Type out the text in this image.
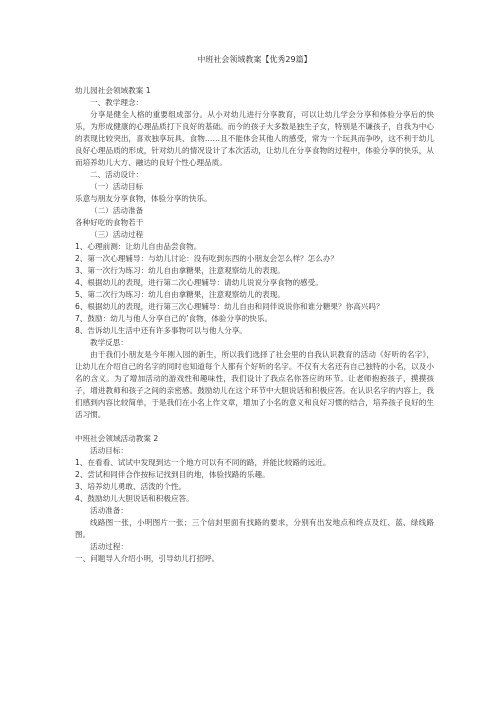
中班社会领域教案【优秀29篇】

幼儿园社会领域教案 1

一、教学理念：

分享是健全人格的重要组成部分。从小对幼儿进行分享教育，可以让幼儿学会分享和体验分享后的快乐，为形成健康的心理品质打下良好的基础。而今的孩子大多数是独生子女，特别是不谦孩子，自我为中心的表现比较突出，喜欢独享玩具、食物……且不能体会其他人的感受，常为一个玩具而争吵，这不利于幼儿良好心理品质的形成，针对幼儿的情况设计了本次活动，让幼儿在分享食物的过程中，体验分享的快乐，从而培养幼儿大方、融达的良好个性心理品质。

二、活动设计：

（一）活动目标

乐意与朋友分享食物，体验分享的快乐。

（二）活动准备

各种好吃的食物若干

（三）活动过程

1、心理前测：让幼儿自由品尝食物。

2、第一次心理辅导：与幼儿讨论：没有吃到东西的小朋友会怎么样？怎么办？

3、第一次行为练习：幼儿自由拿糖果，注意观察幼儿的表现。

4、根据幼儿的表现，进行第二次心理辅导：请幼儿说说分享食物的感受。

5、第二次行为练习：幼儿自由拿糖果，注意观察幼儿的表现。

6、根据幼儿的表现，进行第三次心理辅导：幼儿自由和同伴说说你和谁分糖果？你高兴吗？

7、鼓励：幼儿与他人分享自己的’食物，体验分享的快乐。

8、告诉幼儿生活中还有许多事物可以与他人分享。

教学反思：

由于我们小朋友是今年刚入园的新生，所以我们选择了社会里的自我认识教育的活动《好听的名字》，让幼儿在介绍自己的名字的同时也知道每个人都有个好听的名字。不仅有大名还有自己独特的小名，以及小名的含义。为了增加活动的游戏性和趣味性，我们设计了我点名你答应的环节。让老师抱抱孩子，摸摸孩子，增进教师和孩子之间的亲密感。鼓励幼儿在这个环节中大胆说话和积极应答。在认识名字的内容上，我们感到内容比较简单，于是我们在小名上作文章，增加了小名的意义和良好习惯的结合，培养孩子良好的生活习惯。

中班社会领域活动教案 2

活动目标：

1、在看看、试试中发现到达一个地方可以有不同的路，并能比较路的远近。

2、尝试和同伴合作按标记找到目的地，体验找路的乐趣。

3、培养幼儿勇敢、活泼的个性。

4、鼓励幼儿大胆说话和积极应答。

活动准备：

线路图一张，小明图片一张；三个信封里面有找路的要求，分别有出发地点和终点及红、蓝、绿线路图。

活动过程：

一、问题导入介绍小明，引导幼儿打招呼。
